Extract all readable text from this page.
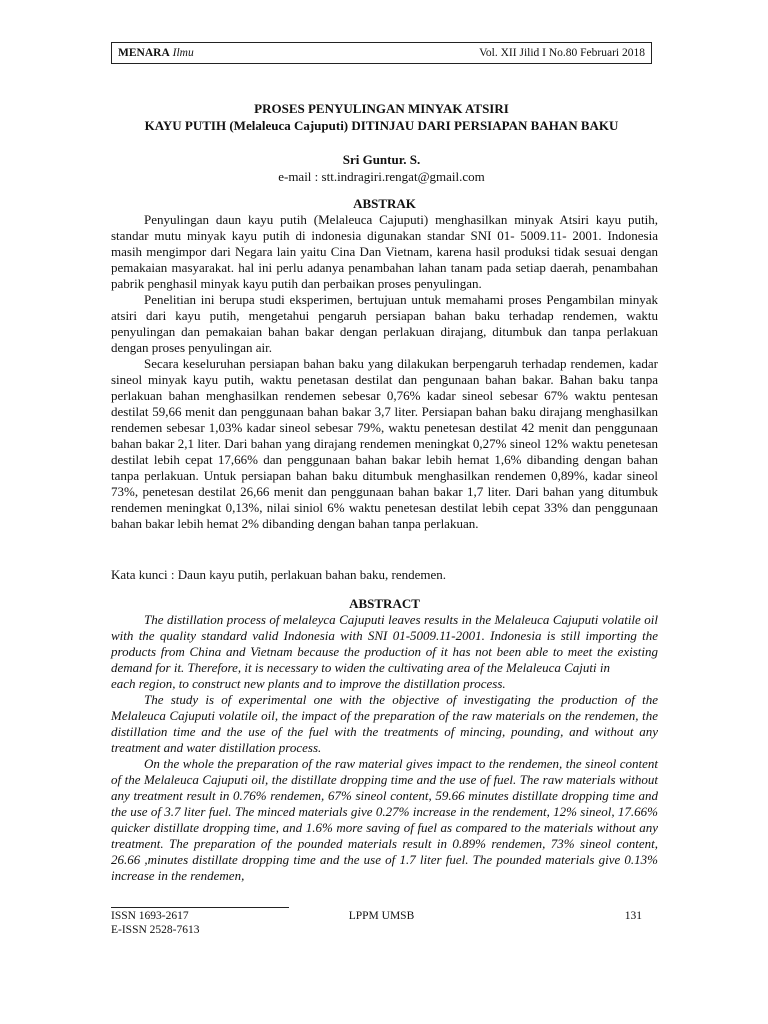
MENARA Ilmu	Vol. XII Jilid I No.80 Februari 2018
PROSES PENYULINGAN MINYAK ATSIRI
KAYU PUTIH (Melaleuca Cajuputi) DITINJAU DARI PERSIAPAN BAHAN BAKU
Sri Guntur. S.
e-mail : stt.indragiri.rengat@gmail.com
ABSTRAK

Penyulingan daun kayu putih (Melaleuca Cajuputi) menghasilkan minyak Atsiri kayu putih, standar mutu minyak kayu putih di indonesia digunakan standar SNI 01- 5009.11- 2001. Indonesia masih mengimpor dari Negara lain yaitu Cina Dan Vietnam, karena hasil produksi tidak sesuai dengan pemakaian masyarakat. hal ini perlu adanya penambahan lahan tanam pada setiap daerah, penambahan pabrik penghasil minyak kayu putih dan perbaikan proses penyulingan.

Penelitian ini berupa studi eksperimen, bertujuan untuk memahami proses Pengambilan minyak atsiri dari kayu putih, mengetahui pengaruh persiapan bahan baku terhadap rendemen, waktu penyulingan dan pemakaian bahan bakar dengan perlakuan dirajang, ditumbuk dan tanpa perlakuan dengan proses penyulingan air.

Secara keseluruhan persiapan bahan baku yang dilakukan berpengaruh terhadap rendemen, kadar sineol minyak kayu putih, waktu penetasan destilat dan pengunaan bahan bakar. Bahan baku tanpa perlakuan bahan menghasilkan rendemen sebesar 0,76% kadar sineol sebesar 67% waktu pentesan destilat 59,66 menit dan penggunaan bahan bakar 3,7 liter. Persiapan bahan baku dirajang menghasilkan rendemen sebesar 1,03% kadar sineol sebesar 79%, waktu penetesan destilat 42 menit dan penggunaan bahan bakar 2,1 liter. Dari bahan yang dirajang rendemen meningkat 0,27% sineol 12% waktu penetesan destilat lebih cepat 17,66% dan penggunaan bahan bakar lebih hemat 1,6% dibanding dengan bahan tanpa perlakuan. Untuk persiapan bahan baku ditumbuk menghasilkan rendemen 0,89%, kadar sineol 73%, penetesan destilat 26,66 menit dan penggunaan bahan bakar 1,7 liter. Dari bahan yang ditumbuk rendemen meningkat 0,13%, nilai siniol 6% waktu penetesan destilat lebih cepat 33% dan penggunaan bahan bakar lebih hemat 2% dibanding dengan bahan tanpa perlakuan.

Kata kunci : Daun kayu putih, perlakuan bahan baku, rendemen.
ABSTRACT

The distillation process of melaleyca Cajuputi leaves results in the Melaleuca Cajuputi volatile oil with the quality standard valid Indonesia with SNI 01-5009.11-2001. Indonesia is still importing the products from China and Vietnam because the production of it has not been able to meet the existing demand for it. Therefore, it is necessary to widen the cultivating area of the Melaleuca Cajuti in

each region, to construct new plants and to improve the distillation process.

The study is of experimental one with the objective of investigating the production of the Melaleuca Cajuputi volatile oil, the impact of the preparation of the raw materials on the rendemen, the distillation time and the use of the fuel with the treatments of mincing, pounding, and without any treatment and water distillation process.

On the whole the preparation of the raw material gives impact to the rendemen, the sineol content of the Melaleuca Cajuputi oil, the distillate dropping time and the use of fuel. The raw materials without any treatment result in 0.76% rendemen, 67% sineol content, 59.66 minutes distillate dropping time and the use of 3.7 liter fuel. The minced materials give 0.27% increase in the rendement, 12% sineol, 17.66% quicker distillate dropping time, and 1.6% more saving of fuel as compared to the materials without any treatment. The preparation of the pounded materials result in 0.89% rendemen, 73% sineol content, 26.66 ,minutes distillate dropping time and the use of 1.7 liter fuel. The pounded materials give 0.13% increase in the rendemen,

LPPM UMSB
ISSN 1693-2617	131
E-ISSN 2528-7613
